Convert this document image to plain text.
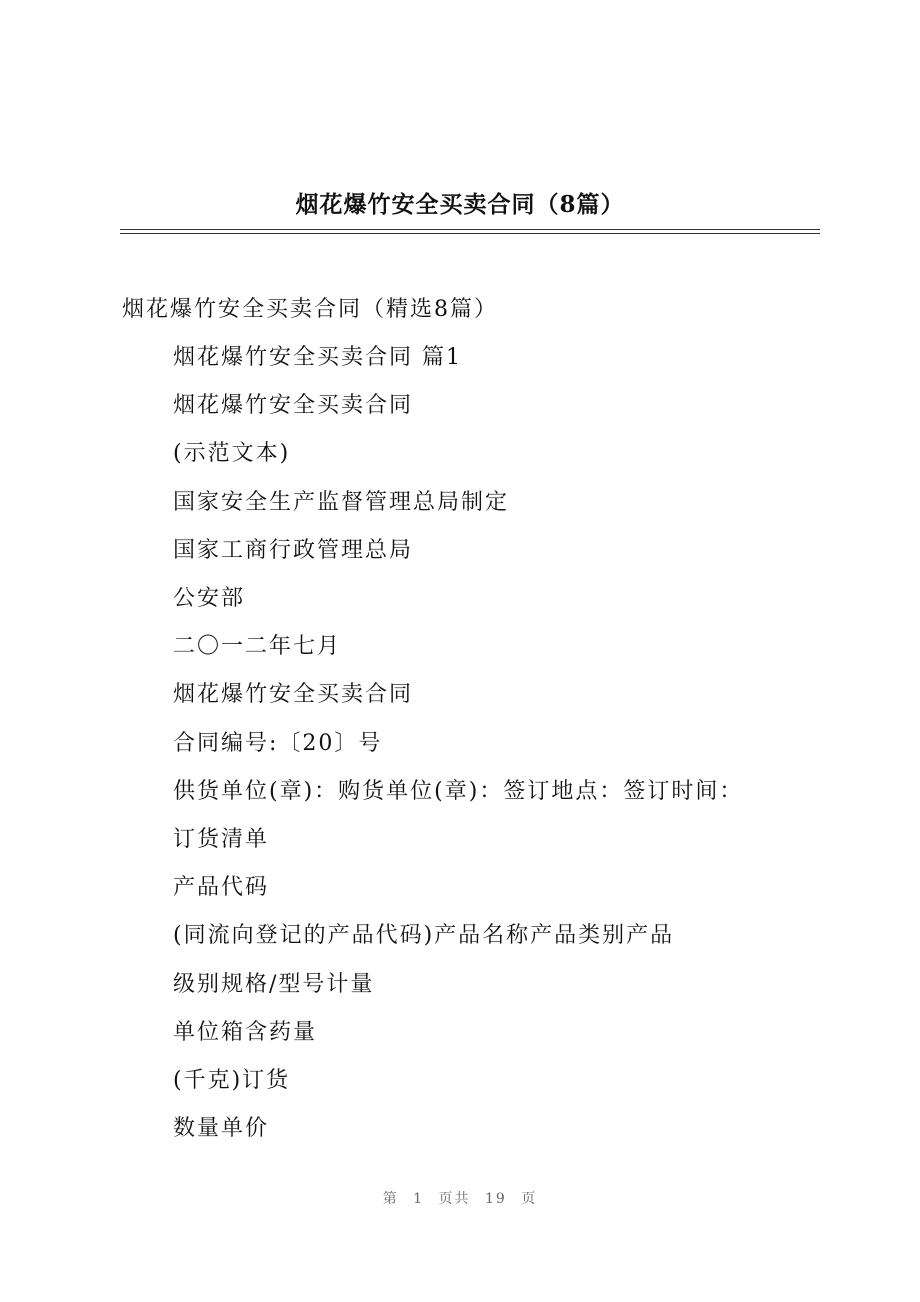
烟花爆竹安全买卖合同（8篇）
烟花爆竹安全买卖合同（精选8篇）
烟花爆竹安全买卖合同 篇1
烟花爆竹安全买卖合同
(示范文本)
国家安全生产监督管理总局制定
国家工商行政管理总局
公安部
二〇一二年七月
烟花爆竹安全买卖合同
合同编号:〔20〕号
供货单位(章)：购货单位(章)：签订地点：签订时间：
订货清单
产品代码
(同流向登记的产品代码)产品名称产品类别产品
级别规格/型号计量
单位箱含药量
(千克)订货
数量单价
第 1 页共 19 页
